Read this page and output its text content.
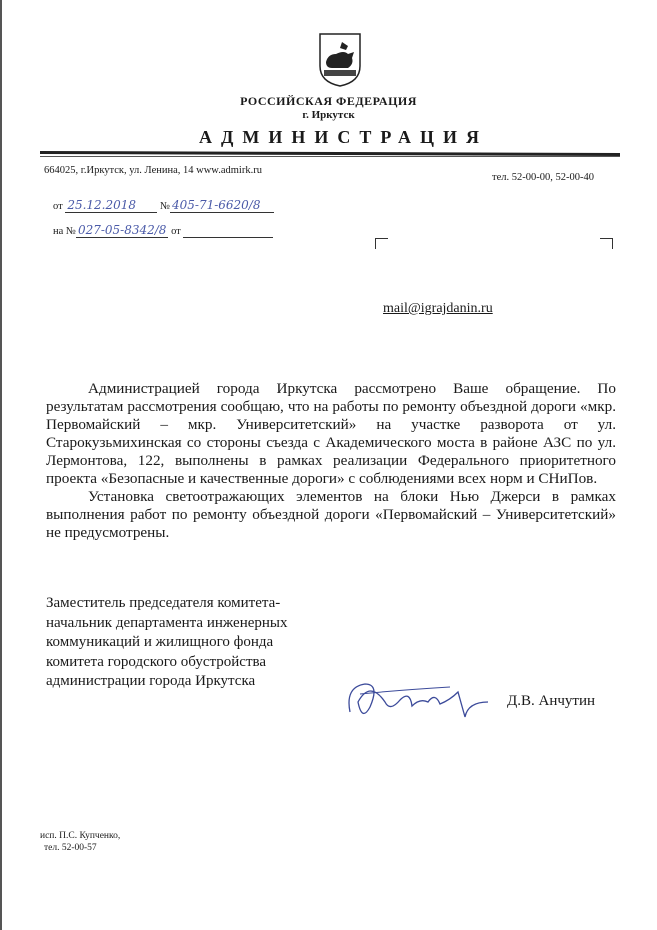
РОССИЙСКАЯ ФЕДЕРАЦИЯ
г. Иркутск
АДМИНИСТРАЦИЯ
664025, г.Иркутск, ул. Ленина, 14 www.admirk.ru
тел. 52-00-00, 52-00-40
от 25.12.2018 № 405-71-6620/8
на № 027-05-8342/8 от
mail@igrajdanin.ru

Администрацией города Иркутска рассмотрено Ваше обращение. По результатам рассмотрения сообщаю, что на работы по ремонту объездной дороги «мкр. Первомайский – мкр. Университетский» на участке разворота от ул. Старокузьмихинская со стороны съезда с Академического моста в районе АЗС по ул. Лермонтова, 122, выполнены в рамках реализации Федерального приоритетного проекта «Безопасные и качественные дороги» с соблюдениями всех норм и СНиПов.

Установка светоотражающих элементов на блоки Нью Джерси в рамках выполнения работ по ремонту объездной дороги «Первомайский – Университетский» не предусмотрены.

Заместитель председателя комитета-
начальник департамента инженерных
коммуникаций и жилищного фонда
комитета городского обустройства
администрации города Иркутска
Д.В. Анчутин
исп. П.С. Купченко,
тел. 52-00-57
